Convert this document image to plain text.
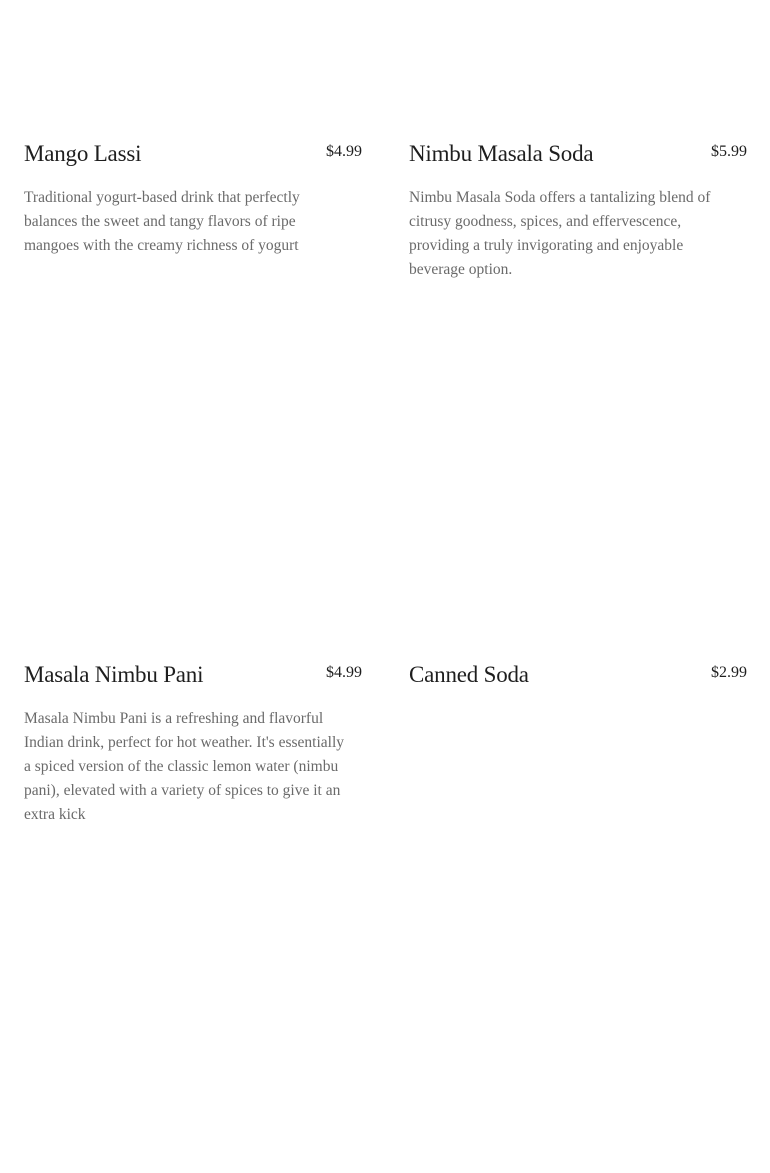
Mango Lassi	$4.99
Traditional yogurt-based drink that perfectly balances the sweet and tangy flavors of ripe mangoes with the creamy richness of yogurt
Nimbu Masala Soda	$5.99
Nimbu Masala Soda offers a tantalizing blend of citrusy goodness, spices, and effervescence, providing a truly invigorating and enjoyable beverage option.
Masala Nimbu Pani	$4.99
Masala Nimbu Pani is a refreshing and flavorful Indian drink, perfect for hot weather. It's essentially a spiced version of the classic lemon water (nimbu pani), elevated with a variety of spices to give it an extra kick
Canned Soda	$2.99
